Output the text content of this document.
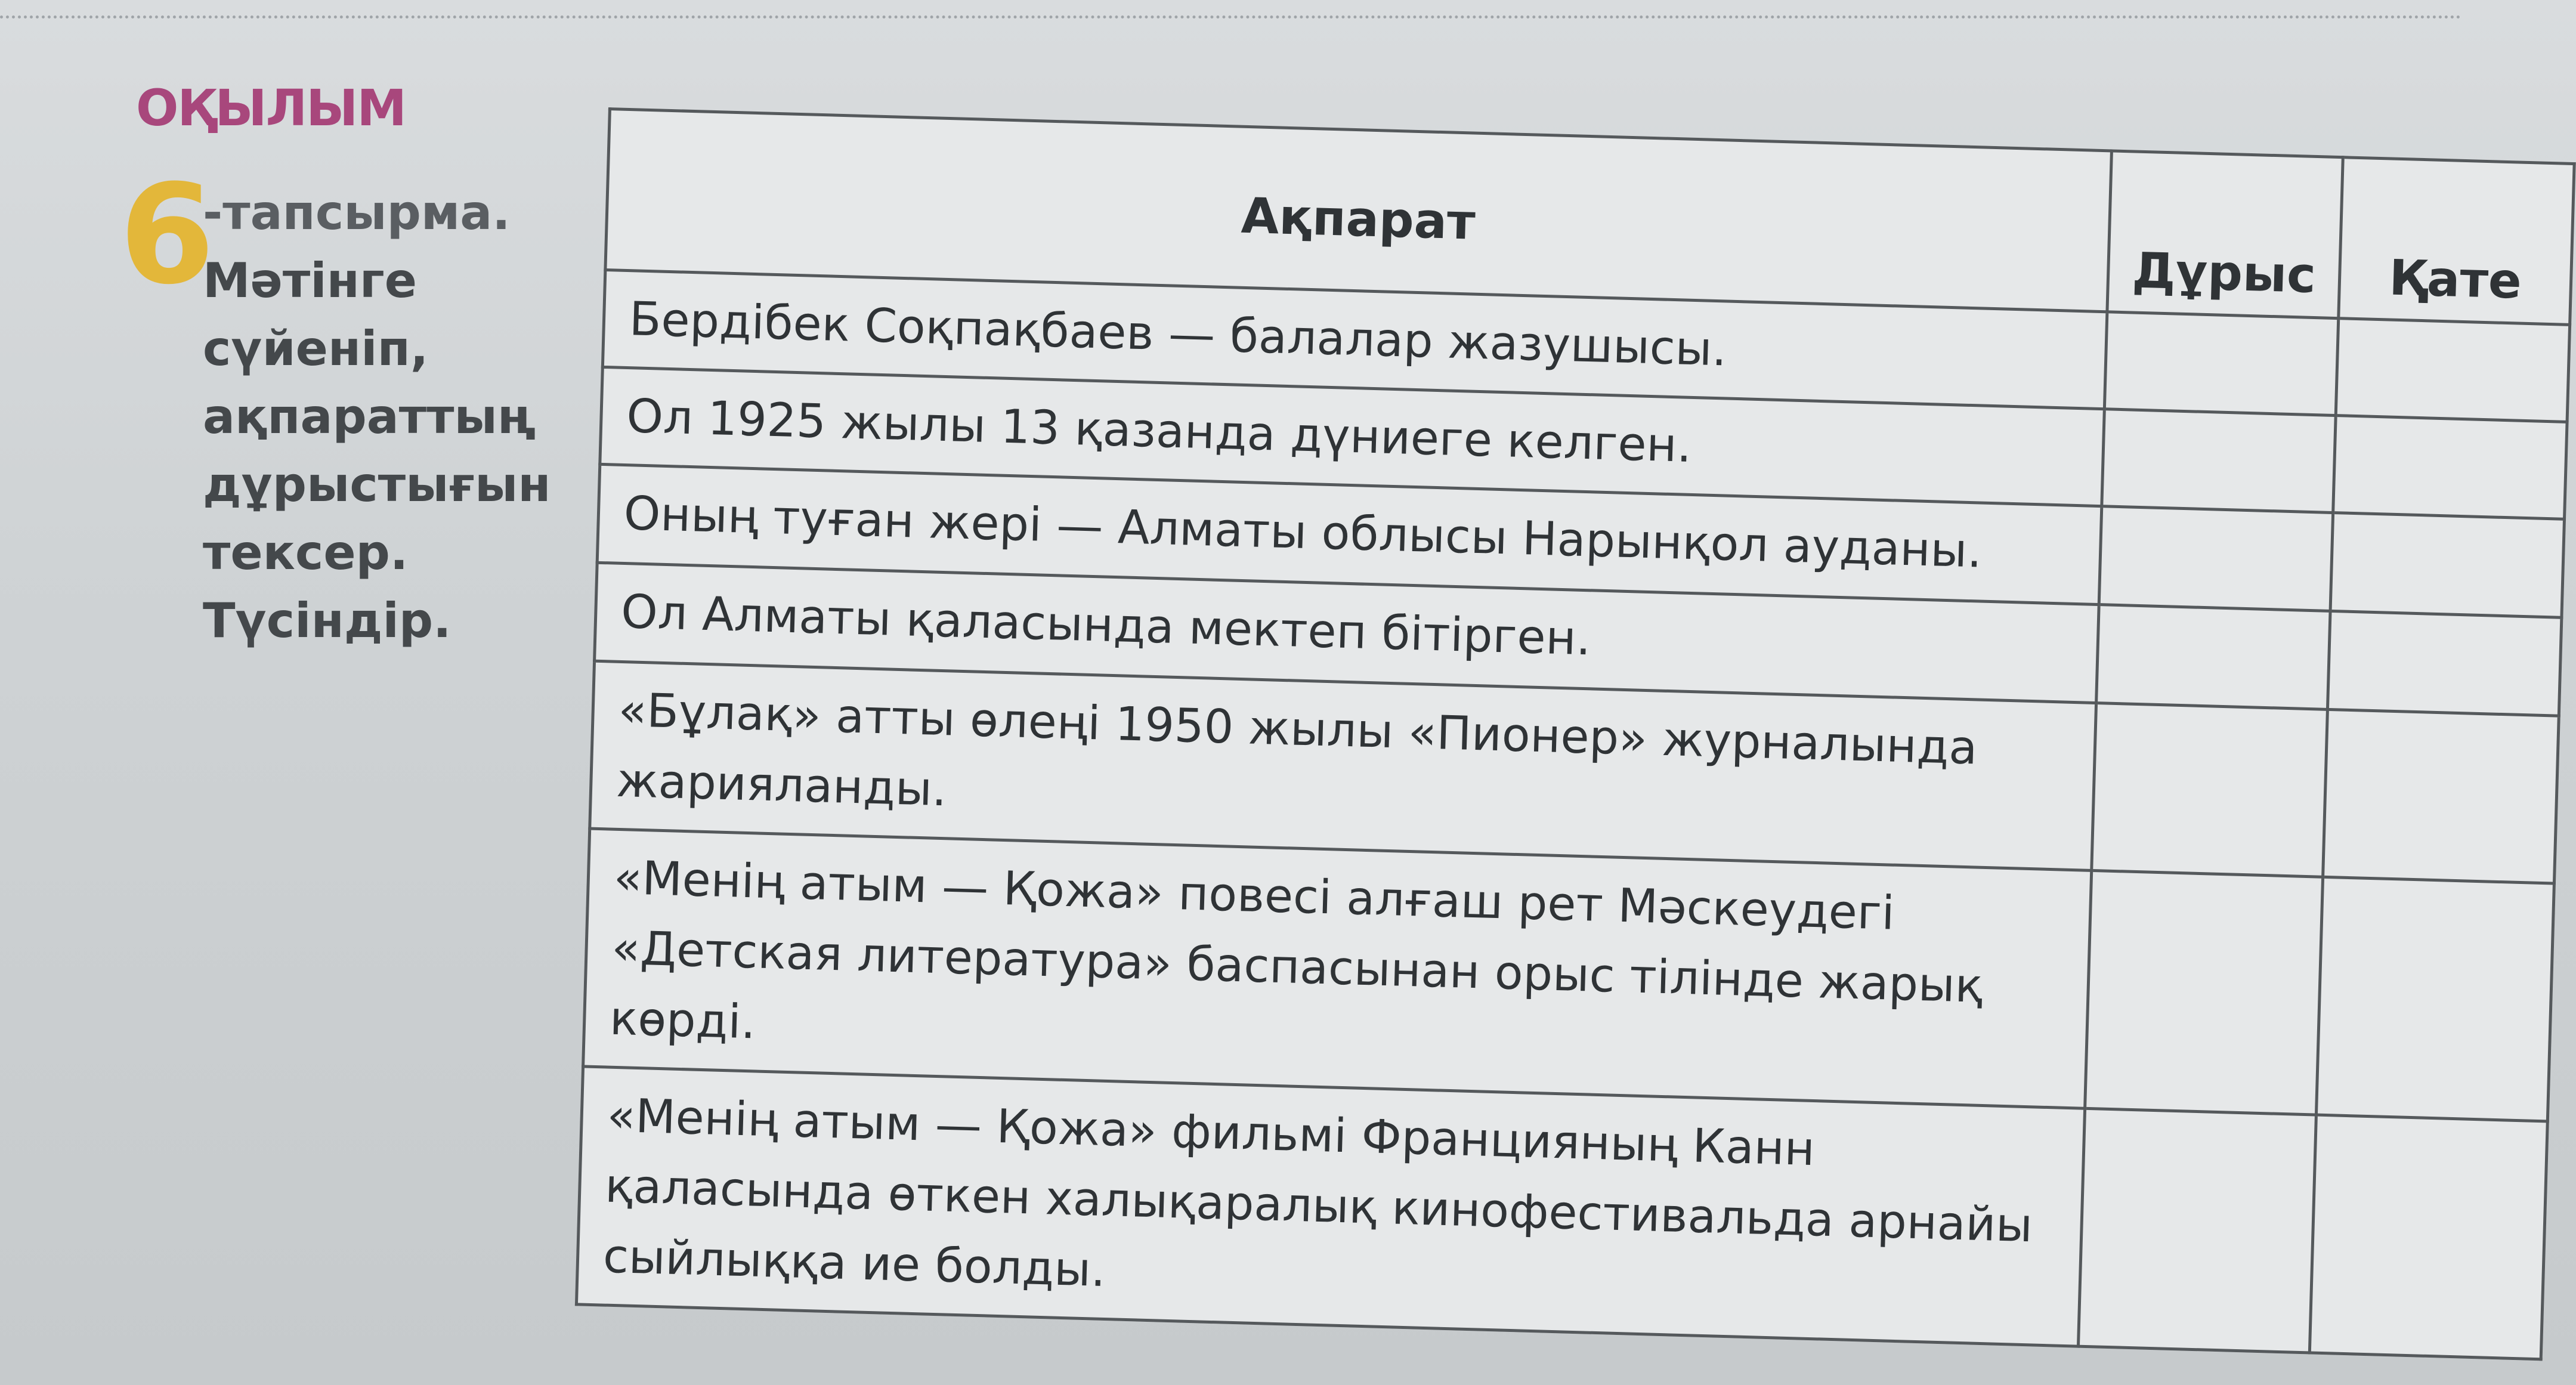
ОҚЫЛЫМ
6
-тапсырма.
Мәтінге
сүйеніп,
ақпараттың
дұрыстығын
тексер.
Түсіндір.
Ақпарат	Дұрыс	Қате
Бердібек Соқпақбаев — балалар жазушысы.		
Ол 1925 жылы 13 қазанда дүниеге келген.		
Оның туған жері — Алматы облысы Нарынқол ауданы.		
Ол Алматы қаласында мектеп бітірген.		
«Бұлақ» атты өлеңі 1950 жылы «Пионер» журналында жарияланды.		
«Менің атым — Қожа» повесі алғаш рет Мәскеудегі «Детская литература» баспасынан орыс тілінде жарық көрді.		
«Менің атым — Қожа» фильмі Францияның Канн қаласында өткен халықаралық кинофестивальда арнайы сыйлыққа ие болды.		
